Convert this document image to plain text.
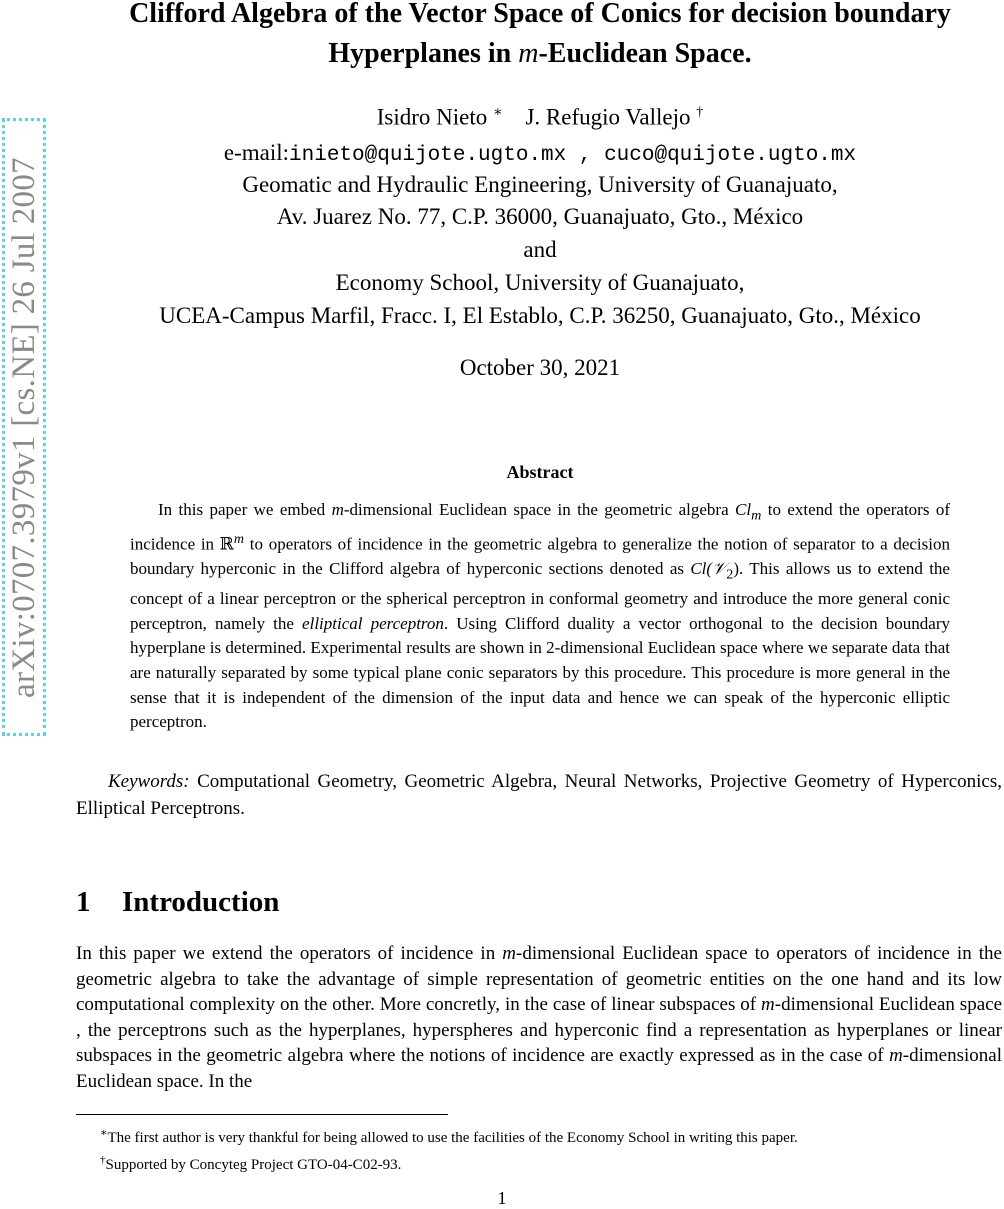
arXiv:0707.3979v1 [cs.NE] 26 Jul 2007
Clifford Algebra of the Vector Space of Conics for decision boundary
Hyperplanes in m-Euclidean Space.
Isidro Nieto ∗ J. Refugio Vallejo †
e-mail:inieto@quijote.ugto.mx , cuco@quijote.ugto.mx
Geomatic and Hydraulic Engineering, University of Guanajuato,
Av. Juarez No. 77, C.P. 36000, Guanajuato, Gto., México
and
Economy School, University of Guanajuato,
UCEA-Campus Marfil, Fracc. I, El Establo, C.P. 36250, Guanajuato, Gto., México
October 30, 2021
Abstract

In this paper we embed m-dimensional Euclidean space in the geometric algebra $Cl_m$ to extend the operators of incidence in ℝ$^m$ to operators of incidence in the geometric algebra to generalize the notion of separator to a decision boundary hyperconic in the Clifford algebra of hyperconic sections denoted as Cl(𝒱$_2$). This allows us to extend the concept of a linear perceptron or the spherical perceptron in conformal geometry and introduce the more general conic perceptron, namely the elliptical perceptron. Using Clifford duality a vector orthogonal to the decision boundary hyperplane is determined. Experimental results are shown in 2-dimensional Euclidean space where we separate data that are naturally separated by some typical plane conic separators by this procedure. This procedure is more general in the sense that it is independent of the dimension of the input data and hence we can speak of the hyperconic elliptic perceptron.

Keywords: Computational Geometry, Geometric Algebra, Neural Networks, Projective Geometry of Hyperconics, Elliptical Perceptrons.

1 Introduction

In this paper we extend the operators of incidence in m-dimensional Euclidean space to operators of incidence in the geometric algebra to take the advantage of simple representation of geometric entities on the one hand and its low computational complexity on the other. More concretly, in the case of linear subspaces of m-dimensional Euclidean space , the perceptrons such as the hyperplanes, hyperspheres and hyperconic find a representation as hyperplanes or linear subspaces in the geometric algebra where the notions of incidence are exactly expressed as in the case of m-dimensional Euclidean space. In the

∗The first author is very thankful for being allowed to use the facilities of the Economy School in writing this paper.
†Supported by Concyteg Project GTO-04-C02-93.
1
